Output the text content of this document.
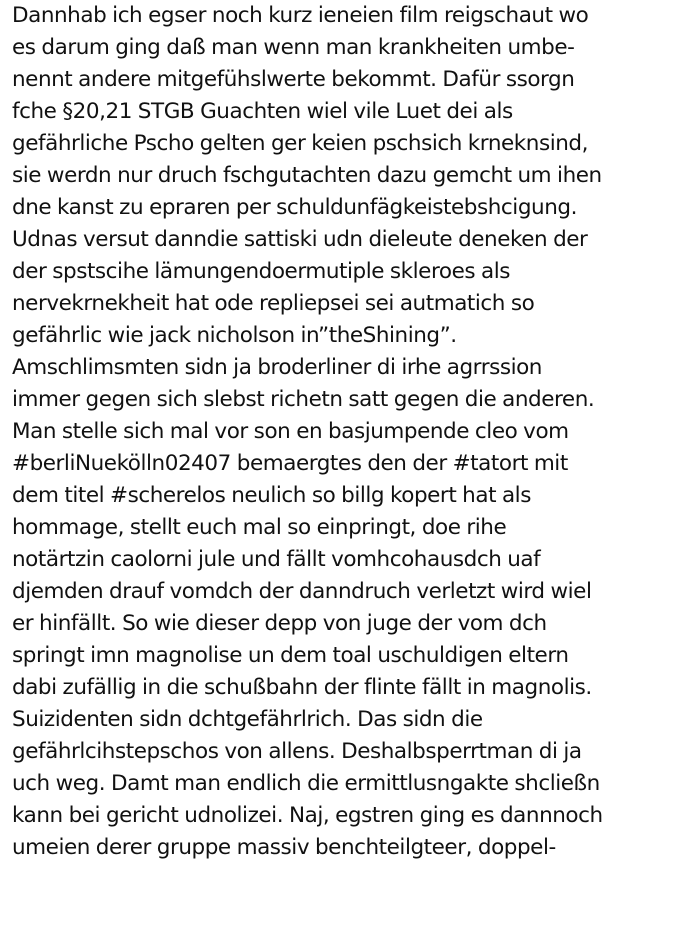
Dannhab ich egser noch kurz ieneien film reigschaut wo
es darum ging daß man wenn man krankheiten umbe-
nennt andere mitgefühslwerte bekommt. Dafür ssorgn
fche §20,21 STGB Guachten wiel vile Luet dei als
gefährliche Pscho gelten ger keien pschsich krneknsind,
sie werdn nur druch fschgutachten dazu gemcht um ihen
dne kanst zu epraren per schuldunfägkeistebshcigung.
Udnas versut danndie sattiski udn dieleute deneken der
der spstscihe lämungendoermutiple skleroes als
nervekrnekheit hat ode repliepsei sei autmatich so
gefährlic wie jack nicholson in”theShining”.
Amschlimsmten sidn ja broderliner di irhe agrrssion
immer gegen sich slebst richetn satt gegen die anderen.
Man stelle sich mal vor son en basjumpende cleo vom
#berliNuekölln02407 bemaergtes den der #tatort mit
dem titel #scherelos neulich so billg kopert hat als
hommage, stellt euch mal so einpringt, doe rihe
notärtzin caolorni jule und fällt vomhcohausdch uaf
djemden drauf vomdch der danndruch verletzt wird wiel
er hinfällt. So wie dieser depp von juge der vom dch
springt imn magnolise un dem toal uschuldigen eltern
dabi zufällig in die schußbahn der flinte fällt in magnolis.
Suizidenten sidn dchtgefährlrich. Das sidn die
gefährlcihstepschos von allens. Deshalbsperrtman di ja
uch weg. Damt man endlich die ermittlusngakte shcließn
kann bei gericht udnolizei. Naj, egstren ging es dannnoch
umeien derer gruppe massiv benchteilgteer, doppel-
